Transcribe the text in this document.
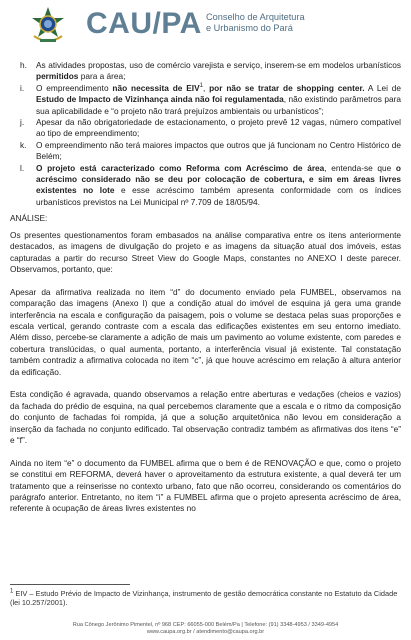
CAU/PA Conselho de Arquitetura
e Urbanismo do Pará

h. As atividades propostas, uso de comércio varejista e serviço, inserem-se em modelos urbanísticos permitidos para a área;

i. O empreendimento não necessita de EIV$^1$, por não se tratar de shopping center. A Lei de Estudo de Impacto de Vizinhança ainda não foi regulamentada, não existindo parâmetros para sua aplicabilidade e “o projeto não trará prejuízos ambientais ou urbanísticos”;

j. Apesar da não obrigatoriedade de estacionamento, o projeto prevê 12 vagas, número compatível ao tipo de empreendimento;

k. O empreendimento não terá maiores impactos que outros que já funcionam no Centro Histórico de Belém;

l. O projeto está caracterizado como Reforma com Acréscimo de área, entenda-se que o acréscimo considerado não se deu por colocação de cobertura, e sim em áreas livres existentes no lote e esse acréscimo também apresenta conformidade com os índices urbanísticos previstos na Lei Municipal nº 7.709 de 18/05/94.

ANÁLISE:

Os presentes questionamentos foram embasados na análise comparativa entre os itens anteriormente destacados, as imagens de divulgação do projeto e as imagens da situação atual dos imóveis, estas capturadas a partir do recurso Street View do Google Maps, constantes no ANEXO I deste parecer. Observamos, portanto, que:

Apesar da afirmativa realizada no item “d” do documento enviado pela FUMBEL, observamos na comparação das imagens (Anexo I) que a condição atual do imóvel de esquina já gera uma grande interferência na escala e configuração da paisagem, pois o volume se destaca pelas suas proporções e escala vertical, gerando contraste com a escala das edificações existentes em seu entorno imediato. Além disso, percebe-se claramente a adição de mais um pavimento ao volume existente, com paredes e cobertura translúcidas, o qual aumenta, portanto, a interferência visual já existente. Tal constatação também contradiz a afirmativa colocada no item “c”, já que houve acréscimo em relação à altura anterior da edificação.

Esta condição é agravada, quando observamos a relação entre aberturas e vedações (cheios e vazios) da fachada do prédio de esquina, na qual percebemos claramente que a escala e o ritmo da composição do conjunto de fachadas foi rompida, já que a solução arquitetônica não levou em consideração a inserção da fachada no conjunto edificado. Tal observação contradiz também as afirmativas dos itens “e” e “f”.

Ainda no item “e” o documento da FUMBEL afirma que o bem é de RENOVAÇÃO e que, como o projeto se constitui em REFORMA, deverá haver o aproveitamento da estrutura existente, a qual deverá ter um tratamento que a reinserisse no contexto urbano, fato que não ocorreu, considerando os comentários do parágrafo anterior. Entretanto, no item “i” a FUMBEL afirma que o projeto apresenta acréscimo de área, referente à ocupação de áreas livres existentes no

$^1$ EIV – Estudo Prévio de Impacto de Vizinhança, instrumento de gestão democrática constante no Estatuto da Cidade (lei 10.257/2001).
Rua Cônego Jerônimo Pimentel, nº 968 CEP: 66055-000 Belém/Pa | Telefone: (91) 3348-4953 / 3349-4954
www.caupa.org.br / atendimento@caupa.org.br
